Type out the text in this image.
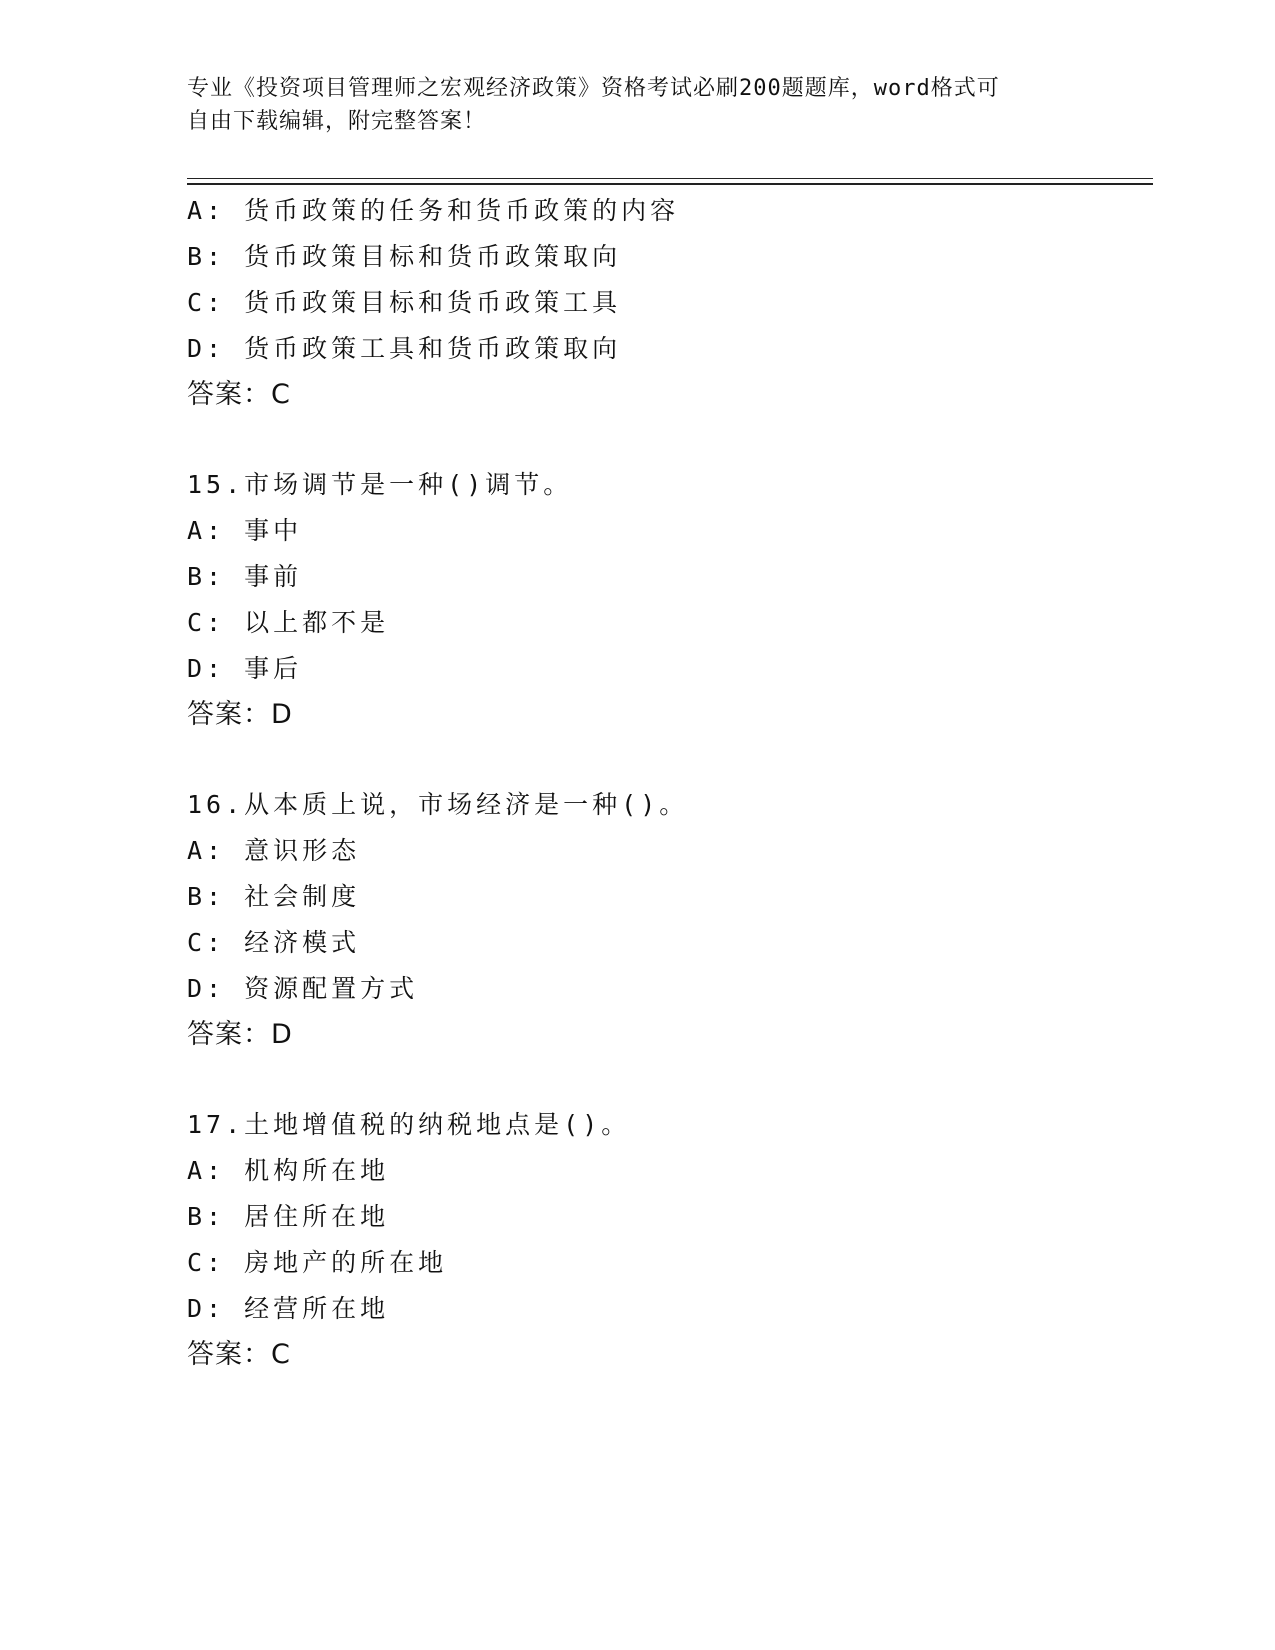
专业《投资项目管理师之宏观经济政策》资格考试必刷200题题库，word格式可
自由下载编辑，附完整答案！
A: 货币政策的任务和货币政策的内容
B: 货币政策目标和货币政策取向
C: 货币政策目标和货币政策工具
D: 货币政策工具和货币政策取向
答案：C
15.市场调节是一种()调节。
A: 事中
B: 事前
C: 以上都不是
D: 事后
答案：D
16.从本质上说，市场经济是一种()。
A: 意识形态
B: 社会制度
C: 经济模式
D: 资源配置方式
答案：D
17.土地增值税的纳税地点是()。
A: 机构所在地
B: 居住所在地
C: 房地产的所在地
D: 经营所在地
答案：C
